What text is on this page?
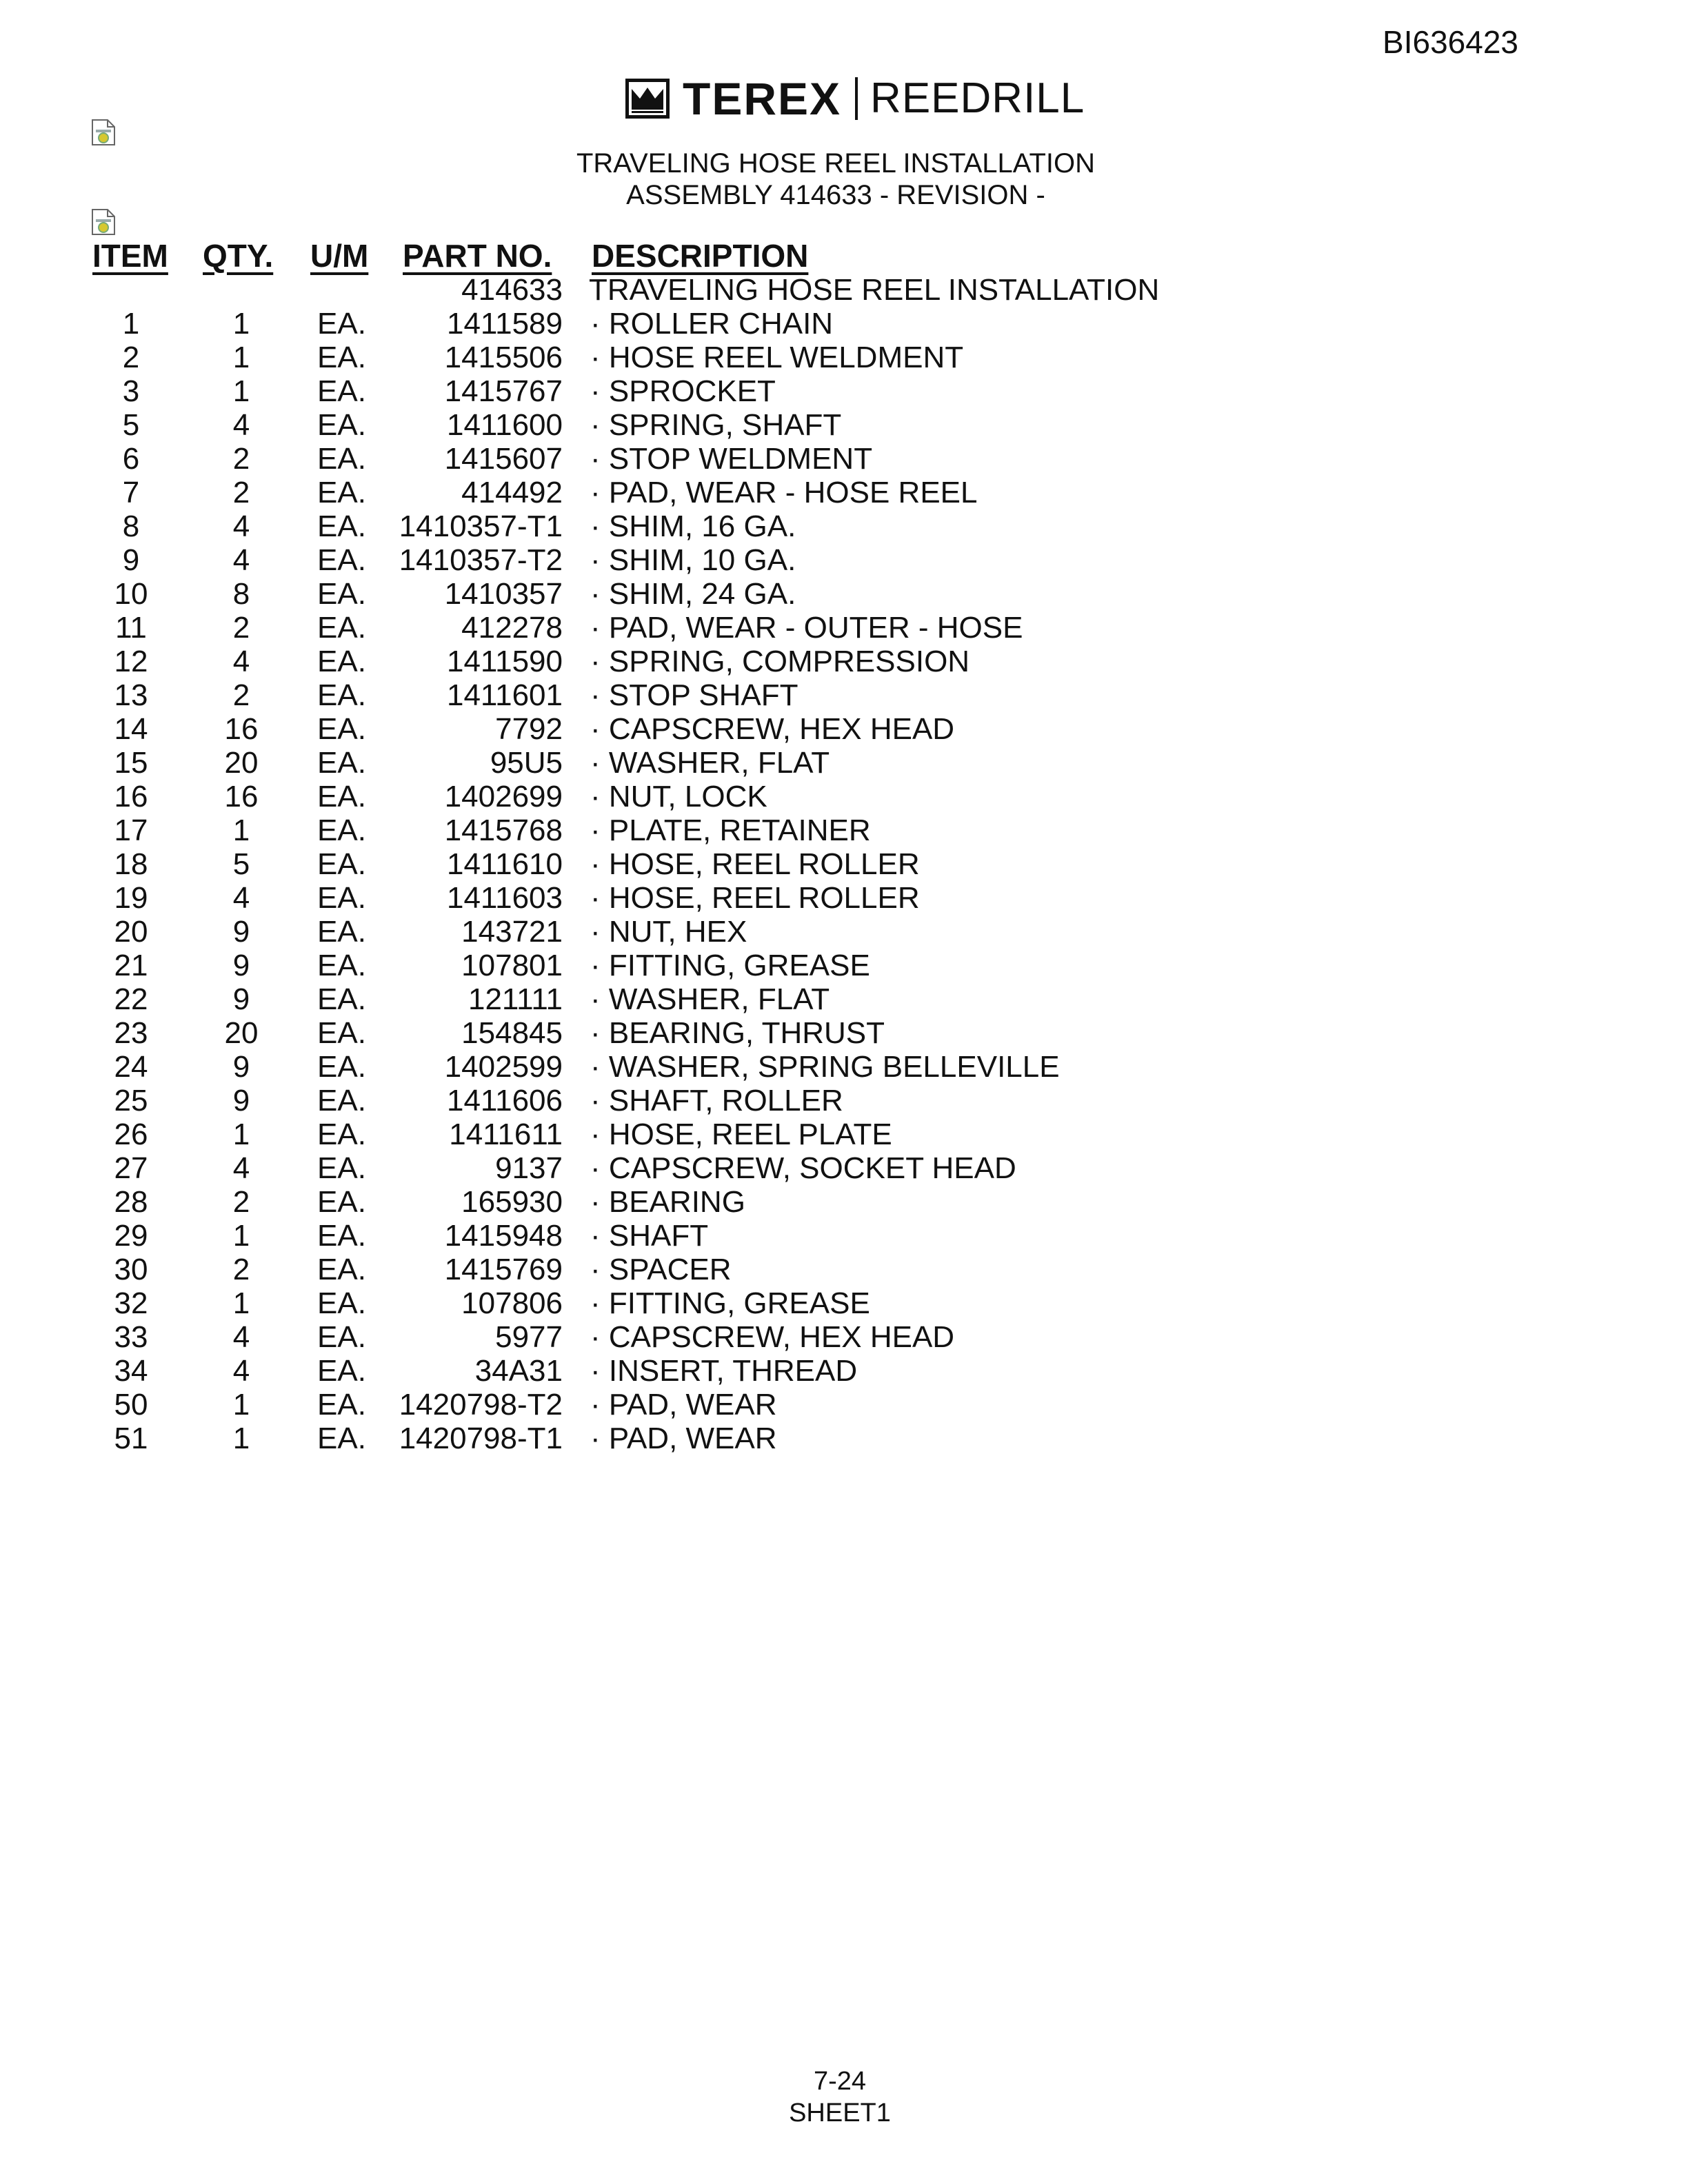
BI636423
TEREX REEDRILL
TRAVELING HOSE REEL INSTALLATION
ASSEMBLY 414633 - REVISION -
ITEM QTY. U/M PART NO. DESCRIPTION
414633 TRAVELING HOSE REEL INSTALLATION
1	1	EA.	1411589 · ROLLER CHAIN
2	1	EA.	1415506 · HOSE REEL WELDMENT
3	1	EA.	1415767 · SPROCKET
5	4	EA.	1411600 · SPRING, SHAFT
6	2	EA.	1415607 · STOP WELDMENT
7	2	EA.	414492 · PAD, WEAR - HOSE REEL
8	4	EA. 1410357-T1 · SHIM, 16 GA.
9	4	EA. 1410357-T2 · SHIM, 10 GA.
10	8	EA.	1410357 · SHIM, 24 GA.
11	2	EA.	412278 · PAD, WEAR - OUTER - HOSE
12	4	EA.	1411590 · SPRING, COMPRESSION
13	2	EA.	1411601 · STOP SHAFT
14	16	EA.	7792 · CAPSCREW, HEX HEAD
15	20	EA.	95U5 · WASHER, FLAT
16	16	EA.	1402699 · NUT, LOCK
17	1	EA.	1415768 · PLATE, RETAINER
18	5	EA.	1411610 · HOSE, REEL ROLLER
19	4	EA.	1411603 · HOSE, REEL ROLLER
20	9	EA.	143721 · NUT, HEX
21	9	EA.	107801 · FITTING, GREASE
22	9	EA.	121111 · WASHER, FLAT
23	20	EA.	154845 · BEARING, THRUST
24	9	EA.	1402599 · WASHER, SPRING BELLEVILLE
25	9	EA.	1411606 · SHAFT, ROLLER
26	1	EA.	1411611 · HOSE, REEL PLATE
27	4	EA.	9137 · CAPSCREW, SOCKET HEAD
28	2	EA.	165930 · BEARING
29	1	EA.	1415948 · SHAFT
30	2	EA.	1415769 · SPACER
32	1	EA.	107806 · FITTING, GREASE
33	4	EA.	5977 · CAPSCREW, HEX HEAD
34	4	EA.	34A31 · INSERT, THREAD
50	1	EA. 1420798-T2 · PAD, WEAR
51	1	EA. 1420798-T1 · PAD, WEAR
7-24
SHEET1
